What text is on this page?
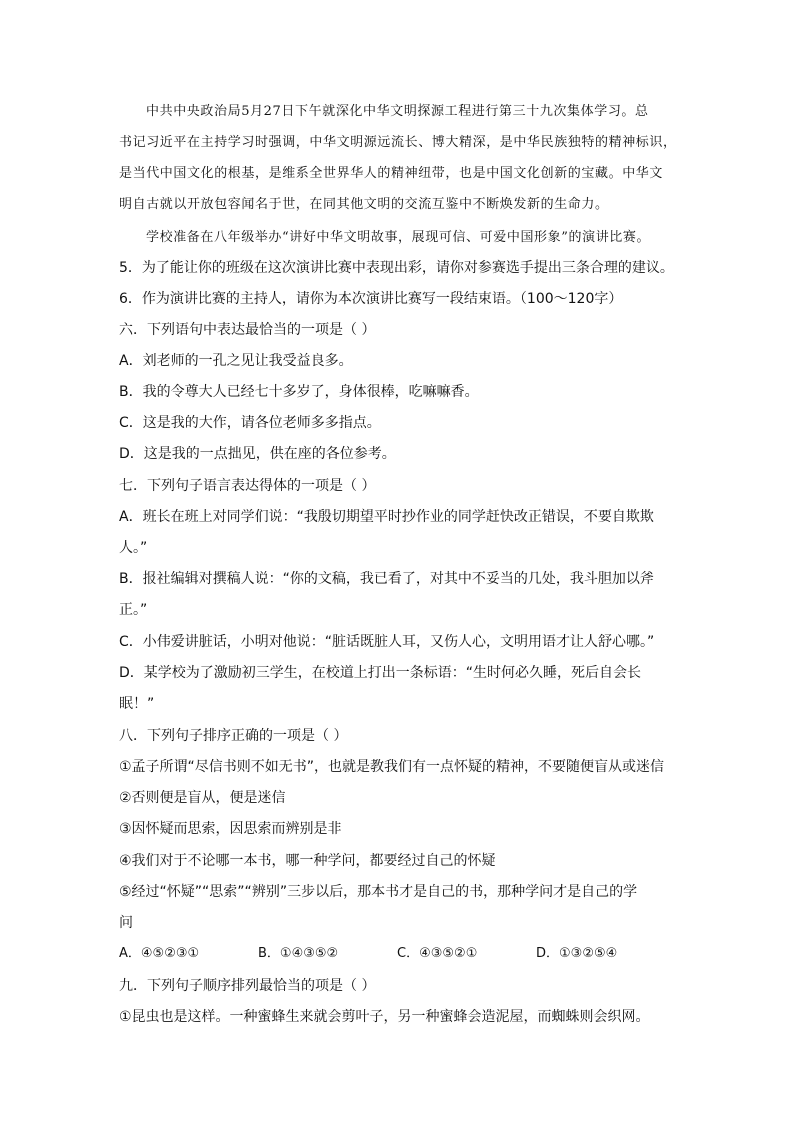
中共中央政治局5月27日下午就深化中华文明探源工程进行第三十九次集体学习。总
书记习近平在主持学习时强调，中华文明源远流长、博大精深，是中华民族独特的精神标识，
是当代中国文化的根基，是维系全世界华人的精神纽带，也是中国文化创新的宝藏。中华文
明自古就以开放包容闻名于世，在同其他文明的交流互鉴中不断焕发新的生命力。
学校准备在八年级举办“讲好中华文明故事，展现可信、可爱中国形象”的演讲比赛。
5．为了能让你的班级在这次演讲比赛中表现出彩，请你对参赛选手提出三条合理的建议。
6．作为演讲比赛的主持人，请你为本次演讲比赛写一段结束语。（100～120字）
六．下列语句中表达最恰当的一项是（ ）
A．刘老师的一孔之见让我受益良多。
B．我的令尊大人已经七十多岁了，身体很棒，吃嘛嘛香。
C．这是我的大作，请各位老师多多指点。
D．这是我的一点拙见，供在座的各位参考。
七．下列句子语言表达得体的一项是（ ）
A．班长在班上对同学们说：“我殷切期望平时抄作业的同学赶快改正错误，不要自欺欺
人。”
B．报社编辑对撰稿人说：“你的文稿，我已看了，对其中不妥当的几处，我斗胆加以斧
正。”
C．小伟爱讲脏话，小明对他说：“脏话既脏人耳，又伤人心，文明用语才让人舒心哪。”
D．某学校为了激励初三学生，在校道上打出一条标语：“生时何必久睡，死后自会长
眠！”
八．下列句子排序正确的一项是（ ）
①孟子所谓“尽信书则不如无书”，也就是教我们有一点怀疑的精神，不要随便盲从或迷信
②否则便是盲从，便是迷信
③因怀疑而思索，因思索而辨别是非
④我们对于不论哪一本书，哪一种学问，都要经过自己的怀疑
⑤经过“怀疑”“思索”“辨别”三步以后，那本书才是自己的书，那种学问才是自己的学
问
A．④⑤②③①	B．①④③⑤②	C．④③⑤②①	D．①③②⑤④
九．下列句子顺序排列最恰当的项是（ ）
①昆虫也是这样。一种蜜蜂生来就会剪叶子，另一种蜜蜂会造泥屋，而蜘蛛则会织网。
